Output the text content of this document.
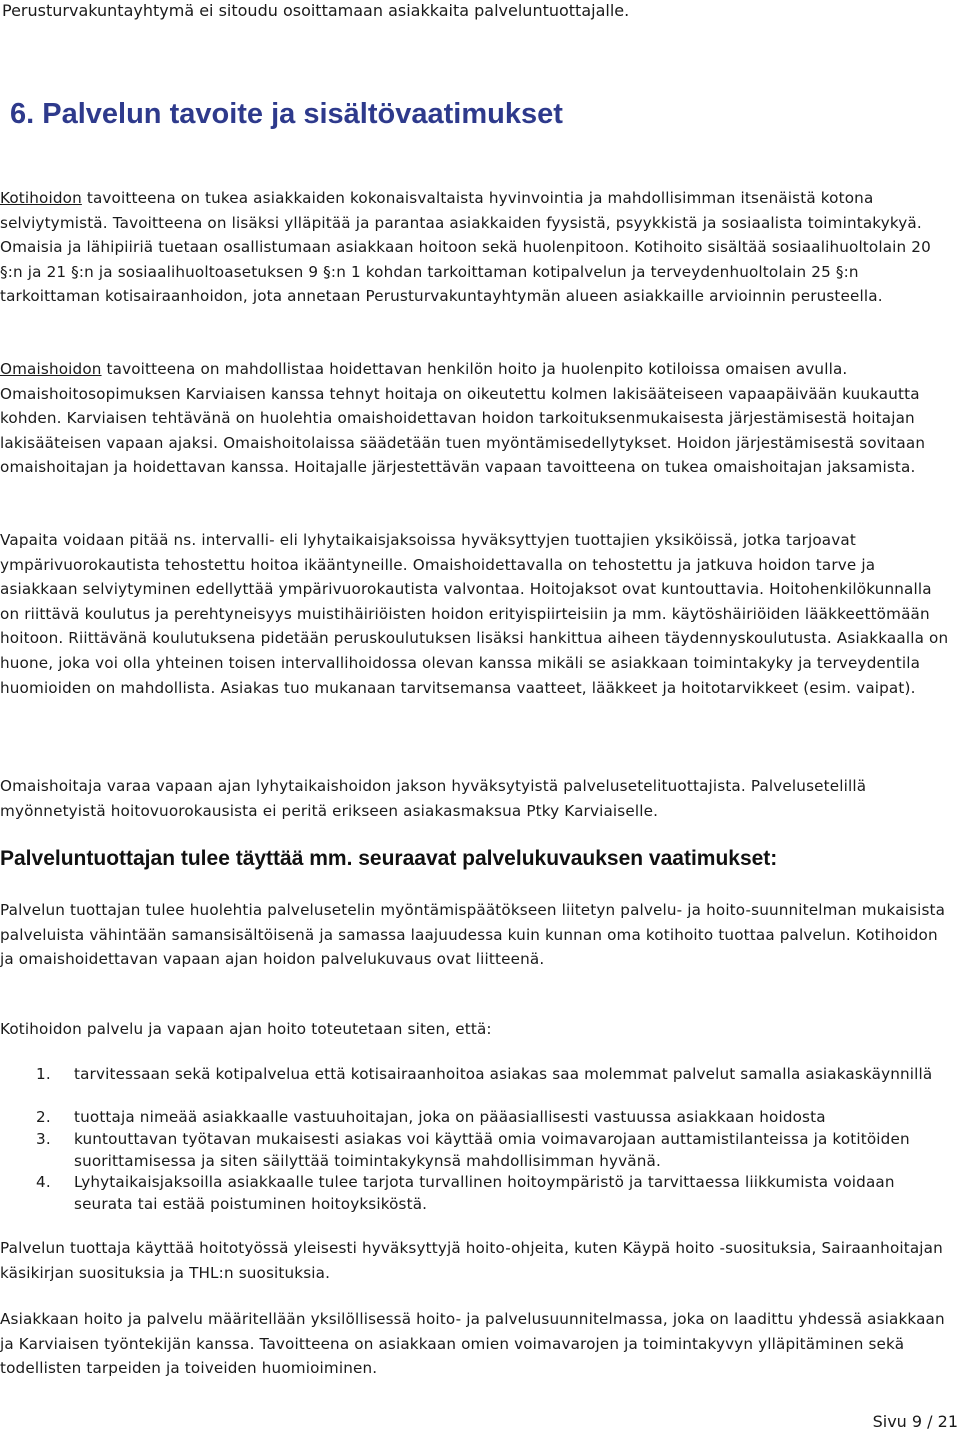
Perusturvakuntayhtymä ei sitoudu osoittamaan asiakkaita palveluntuottajalle.
6. Palvelun tavoite ja sisältövaatimukset

Kotihoidon tavoitteena on tukea asiakkaiden kokonaisvaltaista hyvinvointia ja mahdollisimman itsenäistä kotona selviytymistä. Tavoitteena on lisäksi ylläpitää ja parantaa asiakkaiden fyysistä, psyykkistä ja sosiaalista toimintakykyä. Omaisia ja lähipiiriä tuetaan osallistumaan asiakkaan hoitoon sekä huolenpitoon. Kotihoito sisältää sosiaalihuoltolain 20 §:n ja 21 §:n ja sosiaalihuoltoasetuksen 9 §:n 1 kohdan tarkoittaman kotipalvelun ja terveydenhuoltolain 25 §:n tarkoittaman kotisairaanhoidon, jota annetaan Perusturvakuntayhtymän alueen asiakkaille arvioinnin perusteella.

Omaishoidon tavoitteena on mahdollistaa hoidettavan henkilön hoito ja huolenpito kotiloissa omaisen avulla. Omaishoitosopimuksen Karviaisen kanssa tehnyt hoitaja on oikeutettu kolmen lakisääteiseen vapaapäivään kuukautta kohden. Karviaisen tehtävänä on huolehtia omaishoidettavan hoidon tarkoituksenmukaisesta järjestämisestä hoitajan lakisääteisen vapaan ajaksi. Omaishoitolaissa säädetään tuen myöntämisedellytykset. Hoidon järjestämisestä sovitaan omaishoitajan ja hoidettavan kanssa. Hoitajalle järjestettävän vapaan tavoitteena on tukea omaishoitajan jaksamista.

Vapaita voidaan pitää ns. intervalli- eli lyhytaikaisjaksoissa hyväksyttyjen tuottajien yksiköissä, jotka tarjoavat ympärivuorokautista tehostettu hoitoa ikääntyneille. Omaishoidettavalla on tehostettu ja jatkuva hoidon tarve ja asiakkaan selviytyminen edellyttää ympärivuorokautista valvontaa. Hoitojaksot ovat kuntouttavia. Hoitohenkilökunnalla on riittävä koulutus ja perehtyneisyys muistihäiriöisten hoidon erityispiirteisiin ja mm. käytöshäiriöiden lääkkeettömään hoitoon. Riittävänä koulutuksena pidetään peruskoulutuksen lisäksi hankittua aiheen täydennyskoulutusta. Asiakkaalla on huone, joka voi olla yhteinen toisen intervallihoidossa olevan kanssa mikäli se asiakkaan toimintakyky ja terveydentila huomioiden on mahdollista. Asiakas tuo mukanaan tarvitsemansa vaatteet, lääkkeet ja hoitotarvikkeet (esim. vaipat).

Omaishoitaja varaa vapaan ajan lyhytaikaishoidon jakson hyväksytyistä palvelusetelituottajista. Palvelusetelillä myönnetyistä hoitovuorokausista ei peritä erikseen asiakasmaksua Ptky Karviaiselle.

Palveluntuottajan tulee täyttää mm. seuraavat palvelukuvauksen vaatimukset:

Palvelun tuottajan tulee huolehtia palvelusetelin myöntämispäätökseen liitetyn palvelu- ja hoito-suunnitelman mukaisista palveluista vähintään samansisältöisenä ja samassa laajuudessa kuin kunnan oma kotihoito tuottaa palvelun. Kotihoidon ja omaishoidettavan vapaan ajan hoidon palvelukuvaus ovat liitteenä.

Kotihoidon palvelu ja vapaan ajan hoito toteutetaan siten, että:

1. tarvitessaan sekä kotipalvelua että kotisairaanhoitoa asiakas saa molemmat palvelut samalla asiakaskäynnillä
2. tuottaja nimeää asiakkaalle vastuuhoitajan, joka on pääasiallisesti vastuussa asiakkaan hoidosta
3. kuntouttavan työtavan mukaisesti asiakas voi käyttää omia voimavarojaan auttamistilanteissa ja kotitöiden suorittamisessa ja siten säilyttää toimintakykynsä mahdollisimman hyvänä.
4. Lyhytaikaisjaksoilla asiakkaalle tulee tarjota turvallinen hoitoympäristö ja tarvittaessa liikkumista voidaan seurata tai estää poistuminen hoitoyksiköstä.

Palvelun tuottaja käyttää hoitotyössä yleisesti hyväksyttyjä hoito-ohjeita, kuten Käypä hoito -suosituksia, Sairaanhoitajan käsikirjan suosituksia ja THL:n suosituksia.

Asiakkaan hoito ja palvelu määritellään yksilöllisessä hoito- ja palvelusuunnitelmassa, joka on laadittu yhdessä asiakkaan ja Karviaisen työntekijän kanssa. Tavoitteena on asiakkaan omien voimavarojen ja toimintakyvyn ylläpitäminen sekä todellisten tarpeiden ja toiveiden huomioiminen.

Sivu 9 / 21
